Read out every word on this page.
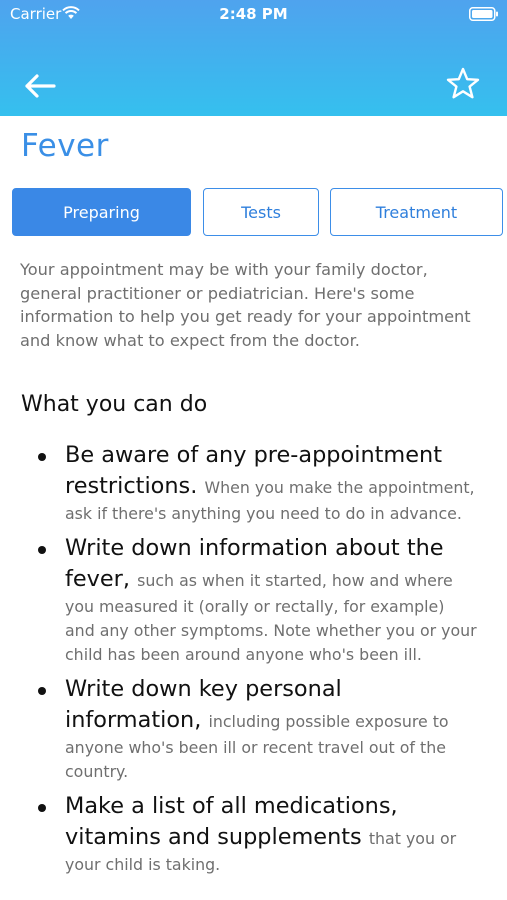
Carrier	2:48 PM
Fever
Preparing	Tests	Treatment
Your appointment may be with your family doctor, general practitioner or pediatrician. Here's some information to help you get ready for your appointment and know what to expect from the doctor.
What you can do
Be aware of any pre-appointment restrictions. When you make the appointment, ask if there's anything you need to do in advance.
Write down information about the fever, such as when it started, how and where you measured it (orally or rectally, for example) and any other symptoms. Note whether you or your child has been around anyone who's been ill.
Write down key personal information, including possible exposure to anyone who's been ill or recent travel out of the country.
Make a list of all medications, vitamins and supplements that you or your child is taking.
